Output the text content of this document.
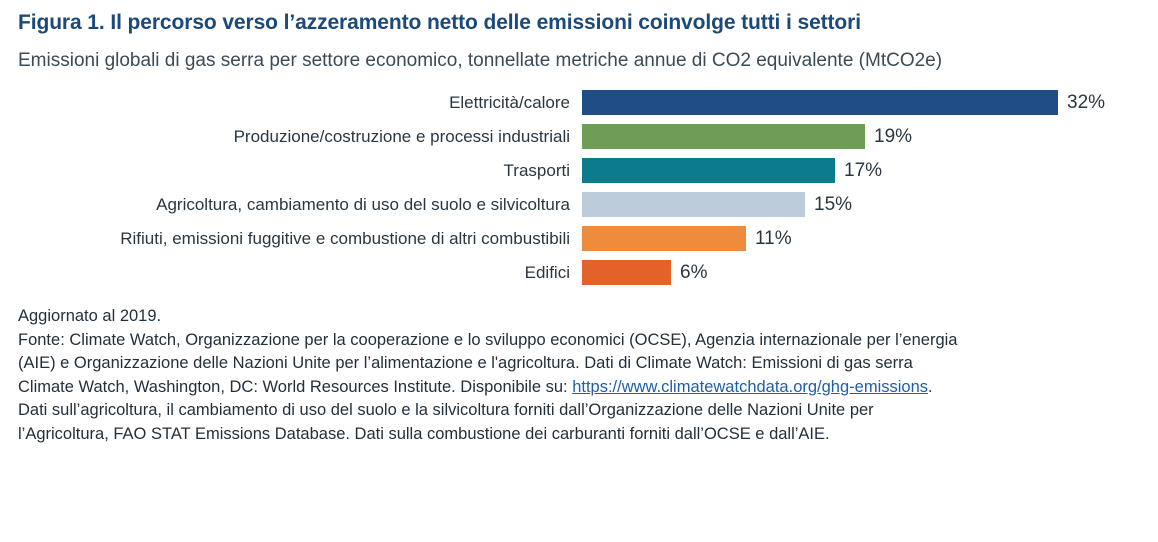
Figura 1. Il percorso verso l’azzeramento netto delle emissioni coinvolge tutti i settori
Emissioni globali di gas serra per settore economico, tonnellate metriche annue di CO2 equivalente (MtCO2e)
Elettricità/calore	32%
Produzione/costruzione e processi industriali	19%
Trasporti	17%
Agricoltura, cambiamento di uso del suolo e silvicoltura	15%
Rifiuti, emissioni fuggitive e combustione di altri combustibili	11%
Edifici	6%
Aggiornato al 2019.
Fonte: Climate Watch, Organizzazione per la cooperazione e lo sviluppo economici (OCSE), Agenzia internazionale per l’energia
(AIE) e Organizzazione delle Nazioni Unite per l’alimentazione e l'agricoltura. Dati di Climate Watch: Emissioni di gas serra
Climate Watch, Washington, DC: World Resources Institute. Disponibile su: https://www.climatewatchdata.org/ghg-emissions.
Dati sull’agricoltura, il cambiamento di uso del suolo e la silvicoltura forniti dall’Organizzazione delle Nazioni Unite per
l’Agricoltura, FAO STAT Emissions Database. Dati sulla combustione dei carburanti forniti dall’OCSE e dall’AIE.
